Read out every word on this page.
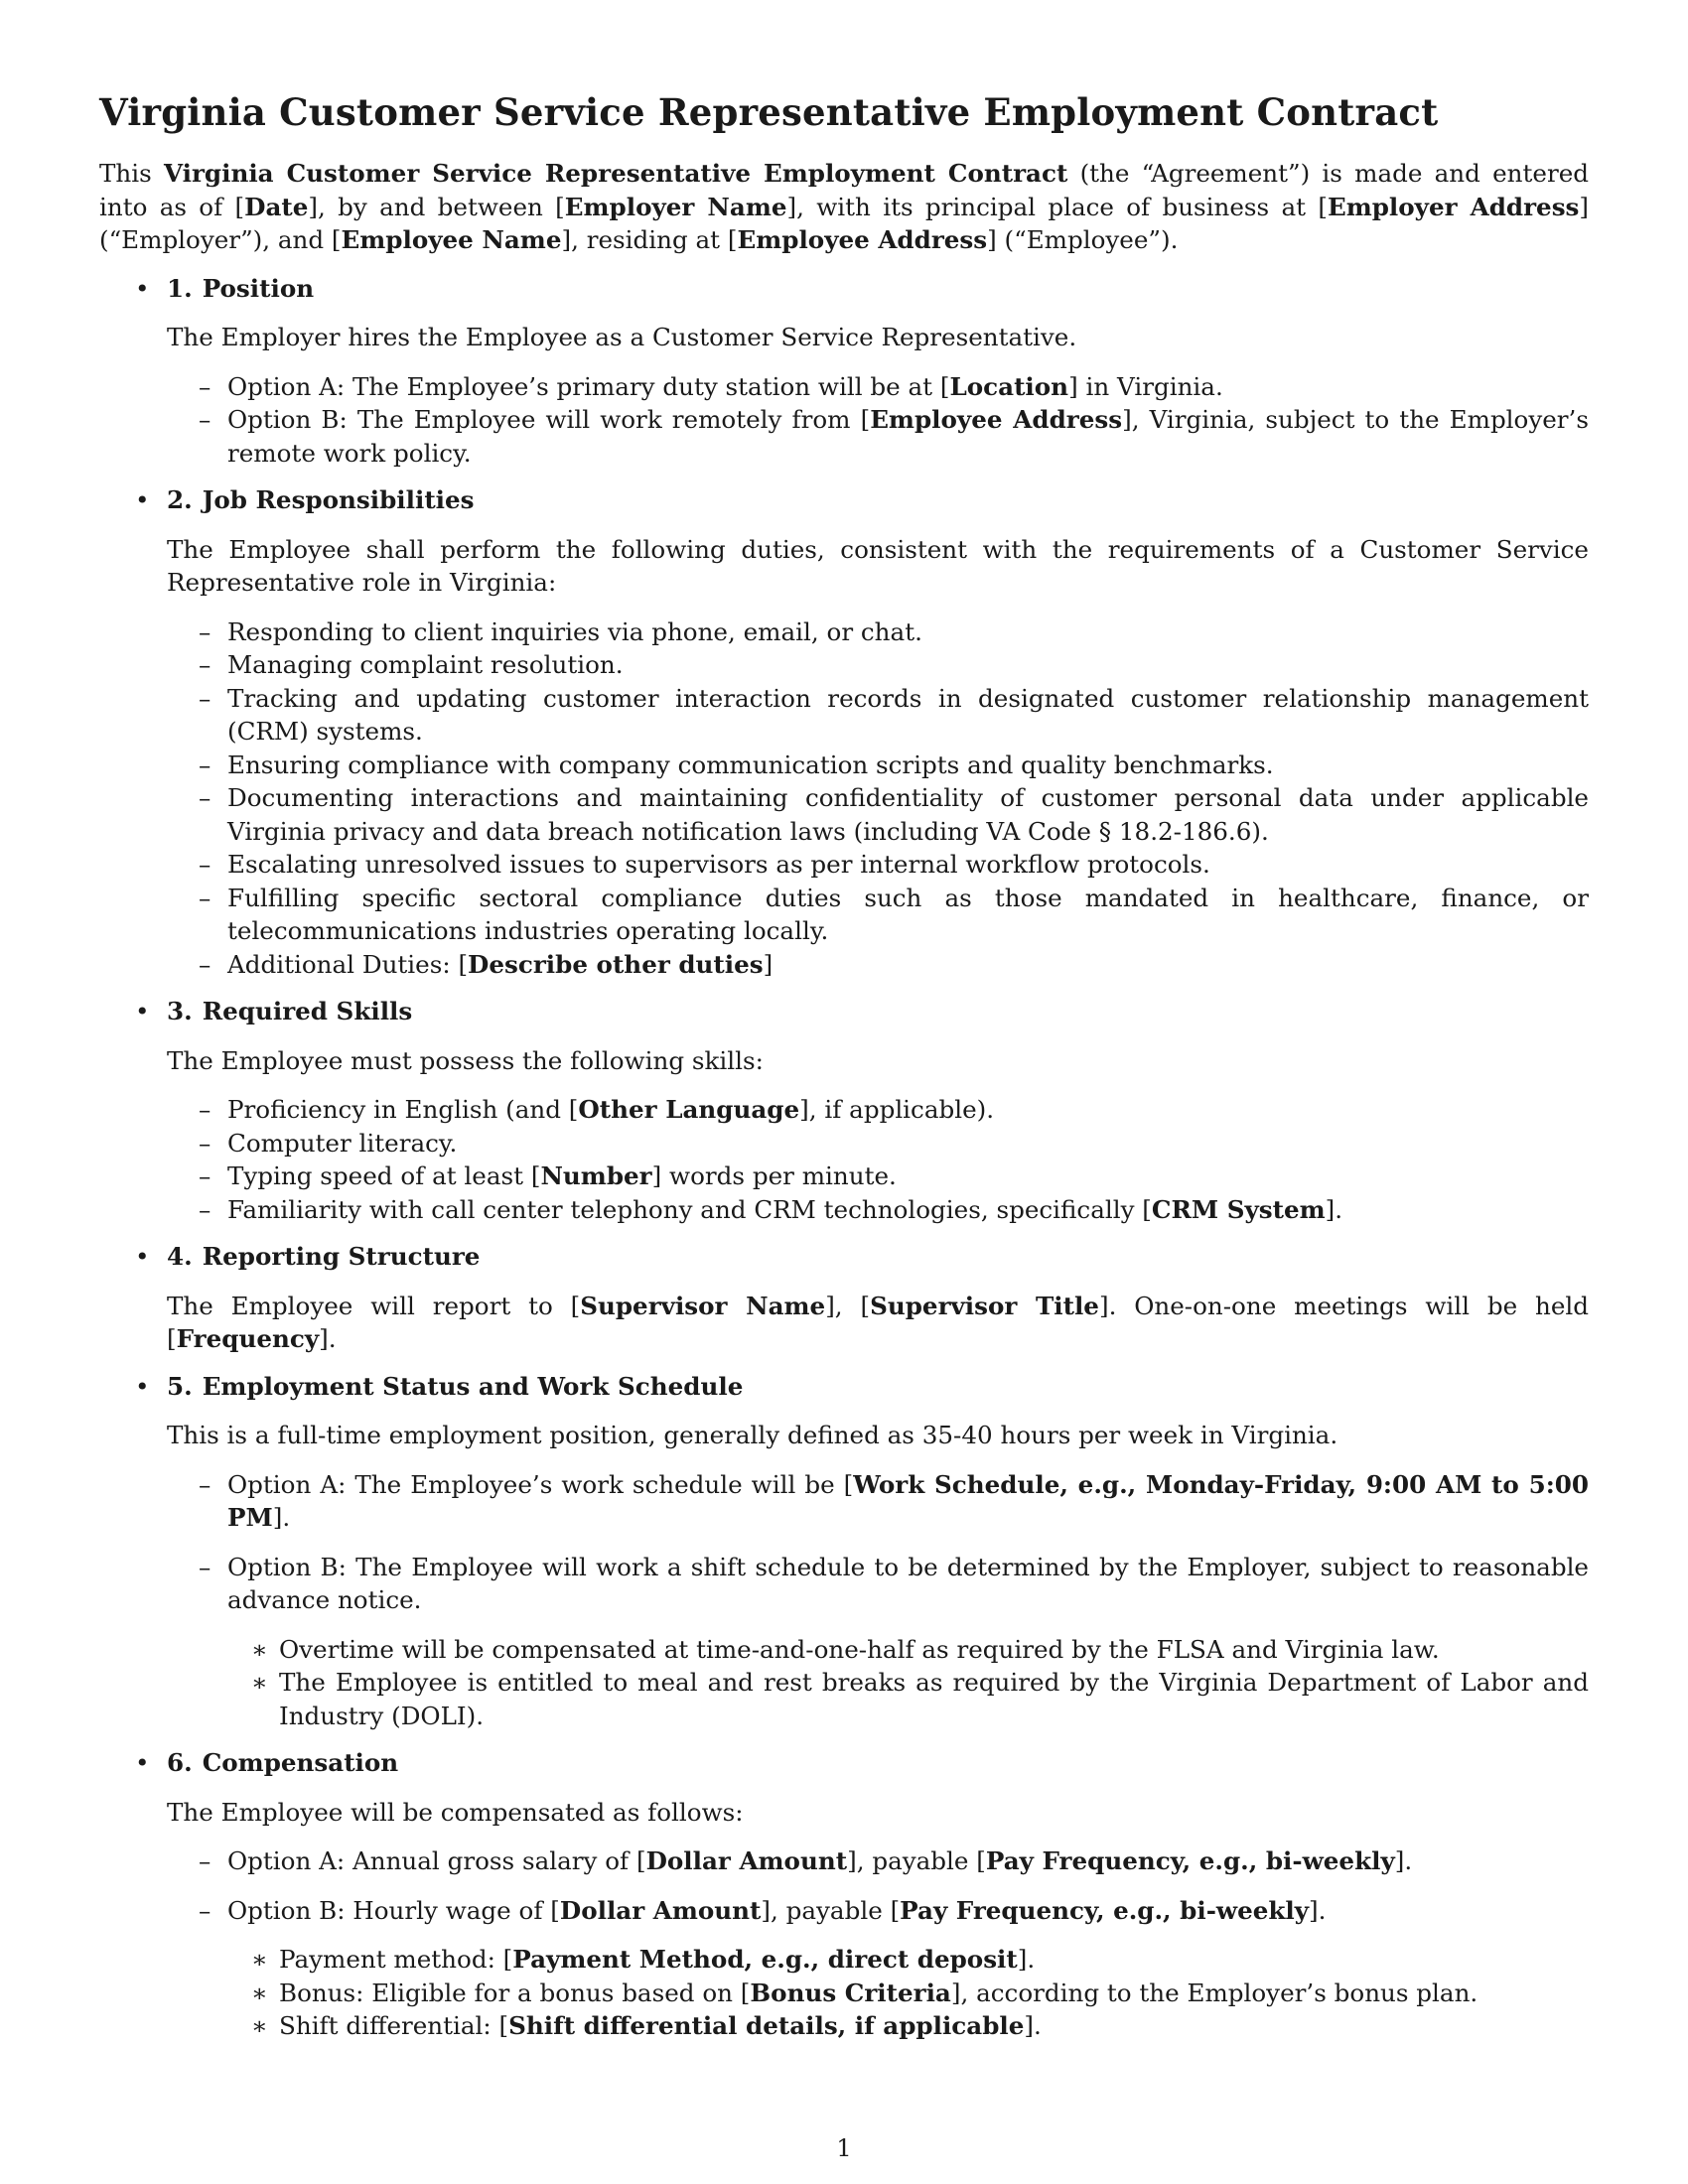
Virginia Customer Service Representative Employment Contract

This Virginia Customer Service Representative Employment Contract (the “Agreement”) is made and entered into as of [Date], by and between [Employer Name], with its principal place of business at [Employer Address] (“Employer”), and [Employee Name], residing at [Employee Address] (“Employee”).

• 1. Position

The Employer hires the Employee as a Customer Service Representative.

– Option A: The Employee’s primary duty station will be at [Location] in Virginia.
– Option B: The Employee will work remotely from [Employee Address], Virginia, subject to the Employer’s remote work policy.
• 2. Job Responsibilities

The Employee shall perform the following duties, consistent with the requirements of a Customer Service Representative role in Virginia:

– Responding to client inquiries via phone, email, or chat.
– Managing complaint resolution.
– Tracking and updating customer interaction records in designated customer relationship management (CRM) systems.
– Ensuring compliance with company communication scripts and quality benchmarks.
– Documenting interactions and maintaining confidentiality of customer personal data under applicable Virginia privacy and data breach notification laws (including VA Code § 18.2-186.6).
– Escalating unresolved issues to supervisors as per internal workflow protocols.
– Fulfilling specific sectoral compliance duties such as those mandated in healthcare, finance, or telecommunications industries operating locally.
– Additional Duties: [Describe other duties]
• 3. Required Skills

The Employee must possess the following skills:

– Proficiency in English (and [Other Language], if applicable).
– Computer literacy.
– Typing speed of at least [Number] words per minute.
– Familiarity with call center telephony and CRM technologies, specifically [CRM System].
• 4. Reporting Structure

The Employee will report to [Supervisor Name], [Supervisor Title]. One-on-one meetings will be held [Frequency].

• 5. Employment Status and Work Schedule

This is a full-time employment position, generally defined as 35-40 hours per week in Virginia.

– Option A: The Employee’s work schedule will be [Work Schedule, e.g., Monday-Friday, 9:00 AM to 5:00 PM].
– Option B: The Employee will work a shift schedule to be determined by the Employer, subject to reasonable advance notice.
∗ Overtime will be compensated at time-and-one-half as required by the FLSA and Virginia law.
∗ The Employee is entitled to meal and rest breaks as required by the Virginia Department of Labor and Industry (DOLI).
• 6. Compensation

The Employee will be compensated as follows:

– Option A: Annual gross salary of [Dollar Amount], payable [Pay Frequency, e.g., bi-weekly].
– Option B: Hourly wage of [Dollar Amount], payable [Pay Frequency, e.g., bi-weekly].
∗ Payment method: [Payment Method, e.g., direct deposit].
∗ Bonus: Eligible for a bonus based on [Bonus Criteria], according to the Employer’s bonus plan.
∗ Shift differential: [Shift differential details, if applicable].
1
